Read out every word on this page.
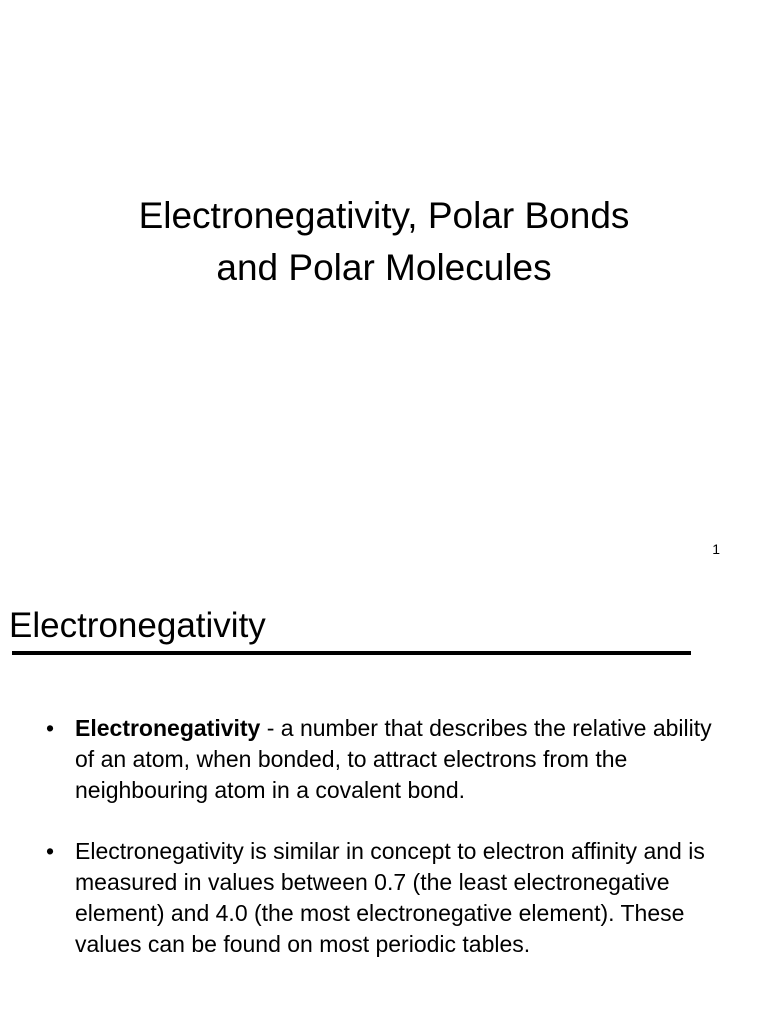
Electronegativity, Polar Bonds
and Polar Molecules
1
Electronegativity
• Electronegativity - a number that describes the relative ability of an atom, when bonded, to attract electrons from the neighbouring atom in a covalent bond.
• Electronegativity is similar in concept to electron affinity and is measured in values between 0.7 (the least electronegative element) and 4.0 (the most electronegative element). These values can be found on most periodic tables.
